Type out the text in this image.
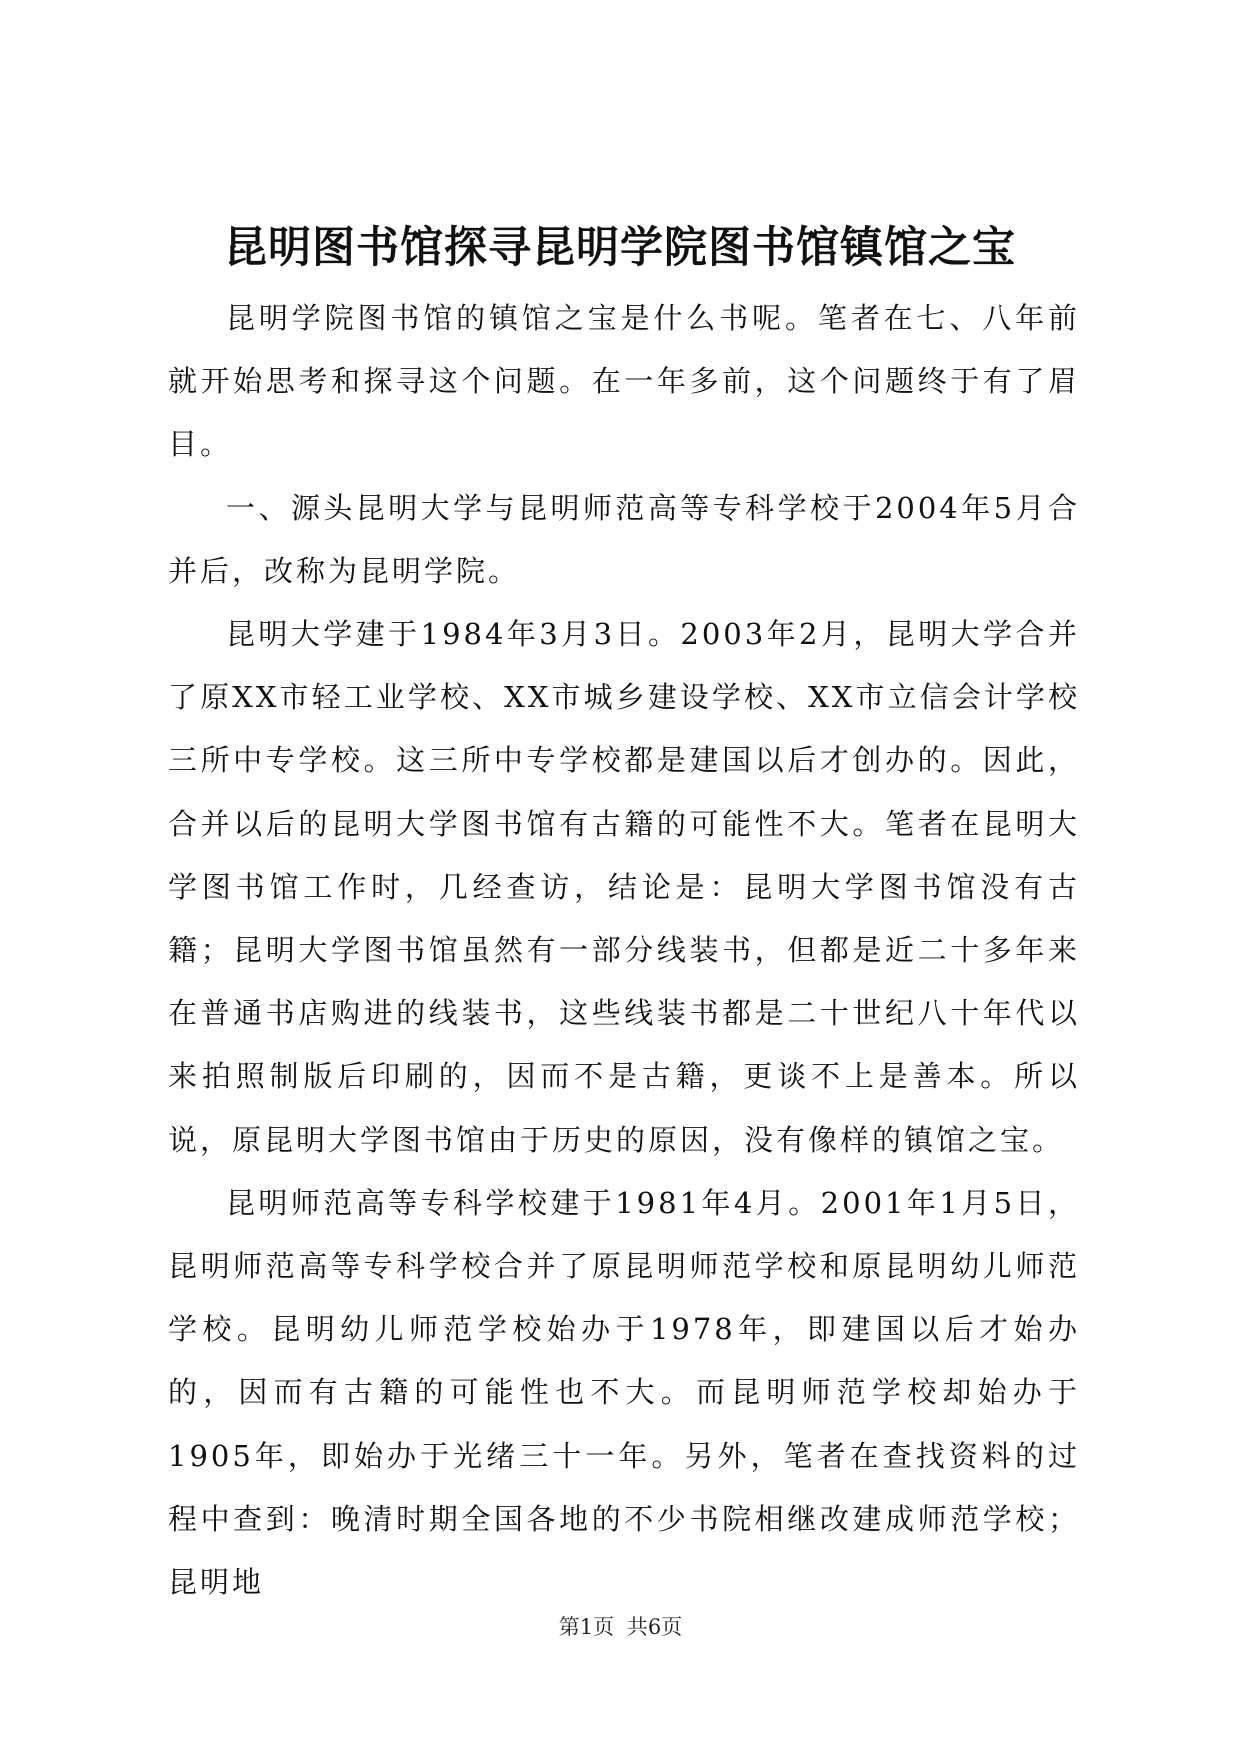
昆明图书馆探寻昆明学院图书馆镇馆之宝

昆明学院图书馆的镇馆之宝是什么书呢。笔者在七、八年前就开始思考和探寻这个问题。在一年多前，这个问题终于有了眉目。

一、源头昆明大学与昆明师范高等专科学校于2004年5月合并后，改称为昆明学院。

昆明大学建于1984年3月3日。2003年2月，昆明大学合并了原XX市轻工业学校、XX市城乡建设学校、XX市立信会计学校三所中专学校。这三所中专学校都是建国以后才创办的。因此，合并以后的昆明大学图书馆有古籍的可能性不大。笔者在昆明大学图书馆工作时，几经查访，结论是：昆明大学图书馆没有古籍；昆明大学图书馆虽然有一部分线装书，但都是近二十多年来在普通书店购进的线装书，这些线装书都是二十世纪八十年代以来拍照制版后印刷的，因而不是古籍，更谈不上是善本。所以说，原昆明大学图书馆由于历史的原因，没有像样的镇馆之宝。

昆明师范高等专科学校建于1981年4月。2001年1月5日，昆明师范高等专科学校合并了原昆明师范学校和原昆明幼儿师范学校。昆明幼儿师范学校始办于1978年，即建国以后才始办的，因而有古籍的可能性也不大。而昆明师范学校却始办于1905年，即始办于光绪三十一年。另外，笔者在查找资料的过程中查到：晚清时期全国各地的不少书院相继改建成师范学校；昆明地

第1页 共6页
